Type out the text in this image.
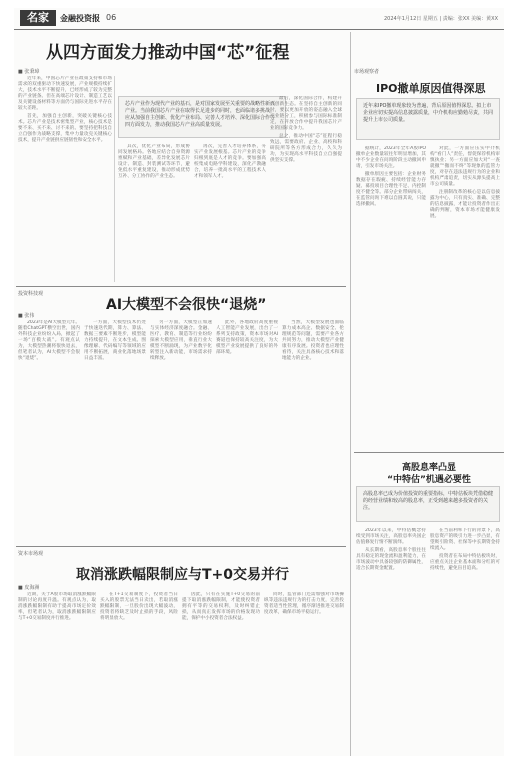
名家	金融投资报 06	2024年1月12日 星期五 | 责编：张XX 美编：黄XX
从四方面发力推动中国“芯”征程
■ 张秉璋
芯片产业作为现代产业的基石，是对国家发展至关重要的战略性新兴产业。当前我国芯片产业在取得长足进步的同时，也面临诸多挑战。应从加强自主创新、优化产业布局、完善人才培养、深化国际合作等四方面发力，推动我国芯片产业高质量发展。

近年来，中国芯片产业在政策支持和市场需求的双重驱动下快速发展，产业规模持续扩大，技术水平不断提升，已经形成了较为完整的产业链条。但在高端芯片设计、制造工艺以及关键设备材料等方面仍与国际先进水平存在较大差距。

首先，加强自主创新，突破关键核心技术。芯片产业是技术密集型产业，核心技术是要不来、买不来、讨不来的。要坚持把科技自立自强作为战略支撑，集中力量攻克关键核心技术，提升产业链供应链韧性和安全水平。

其次，优化产业布局，形成协同发展格局。各地应结合自身资源禀赋和产业基础，差异化发展芯片设计、制造、封装测试等环节，避免低水平重复建设，推动形成优势互补、分工协作的产业生态。

再次，完善人才培养体系，夯实产业发展根基。芯片产业的竞争归根到底是人才的竞争。要加强高校集成电路学科建设，深化产教融合，培养一批高水平的工程技术人才和领军人才。

最后，深化国际合作，构建开放创新生态。在坚持自主创新的同时，要以更加开放的姿态融入全球产业链分工，积极参与国际标准制定，在开放合作中提升我国芯片产业的国际竞争力。

总之，推动中国“芯”征程行稳致远，需要政府、企业、高校和科研院所等各方形成合力，久久为功，为实现高水平科技自立自强提供坚实支撑。

投资科技观
AI大模型不会很快“退烧”
■ 张伟

2023年是AI大模型元年。随着ChatGPT横空出世，国内外科技企业纷纷入局，掀起了一场“百模大战”。有观点认为，大模型热潮将很快退去，但笔者认为，AI大模型不会很快“退烧”。

一方面，大模型技术仍处于快速迭代期，算力、算法、数据三要素不断进步，模型能力持续提升，在文本生成、图像理解、代码编写等领域的应用不断拓展，商业化落地场景日益丰富。

另一方面，大模型正加速与实体经济深度融合。金融、医疗、教育、制造等行业纷纷探索大模型应用，垂直行业大模型不断涌现，为产业数字化转型注入新动能，市场需求持续释放。

此外，各地政府高度重视人工智能产业发展，出台了一系列支持政策，资本市场对AI赛道也保持较高关注度，为大模型产业发展提供了良好的外部环境。

当然，大模型发展也面临算力成本高企、数据安全、伦理规范等问题，需要产业各方共同努力，推动大模型产业健康有序发展。投资者也应理性看待，关注具备核心技术和落地能力的企业。

资本市场观
取消涨跌幅限制应与T+0交易并行
■ 皮海洲

近期，关于A股市场取消涨跌幅限制的讨论再度升温。有观点认为，取消涨跌幅限制有助于提高市场定价效率，但笔者认为，取消涨跌幅限制应与T+0交易制度并行推进。

在T+1交易制度下，投资者当日买入的股票无法当日卖出，若取消涨跌幅限制，一旦股价出现大幅波动，投资者将缺乏及时止损的手段，风险将明显放大。

因此，只有在实施T+0交易的前提下取消涨跌幅限制，才能使投资者拥有平等的交易权利，及时纠错止损，从而真正发挥市场的价格发现功能，保护中小投资者合法权益。

同时，监管部门还需加强对市场操纵等违法违规行为的打击力度，完善投资者适当性管理，循序渐进推进交易制度改革，确保市场平稳运行。

市场观察者
IPO撤单原因值得深思
近年来IPO撤单现象较为普遍，背后原因值得深思。拟上市企业应切实提高信息披露质量，中介机构应勤勉尽责，共同提升上市公司质量。

据统计，2023年全年A股IPO撤单企业数量较往年明显增加，其中不少企业在问询阶段主动撤回申请，引发市场关注。

撤单原因主要包括：企业财务数据存在瑕疵、持续经营能力存疑、募投项目合理性不足、内控制度不健全等。部分企业带病闯关，在监管问询下难以自圆其说，只能选择撤回。

对此，一方面应压实中介机构“看门人”责任，督促保荐机构审慎执业；另一方面应加大对“一查就撤”“撤而不终”等现象的监管力度，对存在违法违规行为的企业和机构严肃追责，切实从源头提高上市公司质量。

注册制改革的核心是以信息披露为中心，只有真实、准确、完整的信息披露，才能让投资者作出正确的判断，资本市场才能健康发展。

高股息率凸显
“中特估”机遇必要性
高股息率已成为价值投资的重要指标，中特估板块凭借稳健的经营业绩和较高的股息率，正受到越来越多投资者的关注。

2023年以来，中特估概念持续受到市场关注，高股息率央国企估值修复行情不断演绎。

从长期看，高股息率个股往往具有稳定的现金流和盈利能力，在市场波动中具备较强的防御属性，适合长期资金配置。

在当前利率下行的背景下，高股息资产的吸引力进一步凸显，有望吸引险资、社保等中长期资金持续流入。

投资者在布局中特估板块时，应重点关注企业基本面和分红的可持续性，避免盲目追高。
